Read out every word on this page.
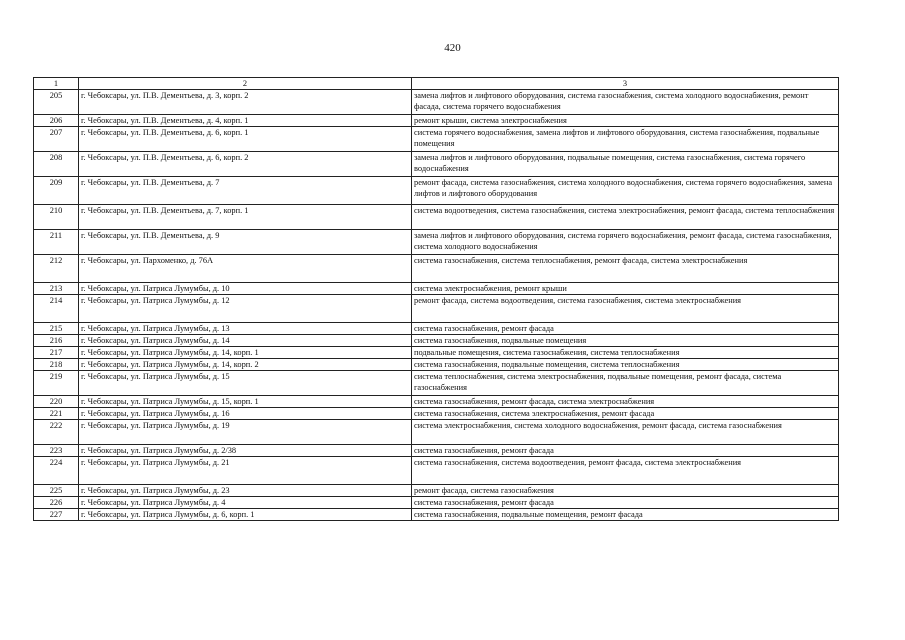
420
1	2	3
205	г. Чебоксары, ул. П.В. Дементьева, д. 3, корп. 2	замена лифтов и лифтового оборудования, система газоснабжения, система холодного водоснабжения, ремонт фасада, система горячего водоснабжения
206	г. Чебоксары, ул. П.В. Дементьева, д. 4, корп. 1	ремонт крыши, система электроснабжения
207	г. Чебоксары, ул. П.В. Дементьева, д. 6, корп. 1	система горячего водоснабжения, замена лифтов и лифтового оборудования, система газоснабжения, подвальные помещения
208	г. Чебоксары, ул. П.В. Дементьева, д. 6, корп. 2	замена лифтов и лифтового оборудования, подвальные помещения, система газоснабжения, система горячего водоснабжения
209	г. Чебоксары, ул. П.В. Дементьева, д. 7	ремонт фасада, система газоснабжения, система холодного водоснабжения, система горячего водоснабжения, замена лифтов и лифтового оборудования
210	г. Чебоксары, ул. П.В. Дементьева, д. 7, корп. 1	система водоотведения, система газоснабжения, система электроснабжения, ремонт фасада, система теплоснабжения
211	г. Чебоксары, ул. П.В. Дементьева, д. 9	замена лифтов и лифтового оборудования, система горячего водоснабжения, ремонт фасада, система газоснабжения, система холодного водоснабжения
212	г. Чебоксары, ул. Пархоменко, д. 76А	система газоснабжения, система теплоснабжения, ремонт фасада, система электроснабжения
213	г. Чебоксары, ул. Патриса Лумумбы, д. 10	система электроснабжения, ремонт крыши
214	г. Чебоксары, ул. Патриса Лумумбы, д. 12	ремонт фасада, система водоотведения, система газоснабжения, система электроснабжения
215	г. Чебоксары, ул. Патриса Лумумбы, д. 13	система газоснабжения, ремонт фасада
216	г. Чебоксары, ул. Патриса Лумумбы, д. 14	система газоснабжения, подвальные помещения
217	г. Чебоксары, ул. Патриса Лумумбы, д. 14, корп. 1	подвальные помещения, система газоснабжения, система теплоснабжения
218	г. Чебоксары, ул. Патриса Лумумбы, д. 14, корп. 2	система газоснабжения, подвальные помещения, система теплоснабжения
219	г. Чебоксары, ул. Патриса Лумумбы, д. 15	система теплоснабжения, система электроснабжения, подвальные помещения, ремонт фасада, система газоснабжения
220	г. Чебоксары, ул. Патриса Лумумбы, д. 15, корп. 1	система газоснабжения, ремонт фасада, система электроснабжения
221	г. Чебоксары, ул. Патриса Лумумбы, д. 16	система газоснабжения, система электроснабжения, ремонт фасада
222	г. Чебоксары, ул. Патриса Лумумбы, д. 19	система электроснабжения, система холодного водоснабжения, ремонт фасада, система газоснабжения
223	г. Чебоксары, ул. Патриса Лумумбы, д. 2/38	система газоснабжения, ремонт фасада
224	г. Чебоксары, ул. Патриса Лумумбы, д. 21	система газоснабжения, система водоотведения, ремонт фасада, система электроснабжения
225	г. Чебоксары, ул. Патриса Лумумбы, д. 23	ремонт фасада, система газоснабжения
226	г. Чебоксары, ул. Патриса Лумумбы, д. 4	система газоснабжения, ремонт фасада
227	г. Чебоксары, ул. Патриса Лумумбы, д. 6, корп. 1	система газоснабжения, подвальные помещения, ремонт фасада
